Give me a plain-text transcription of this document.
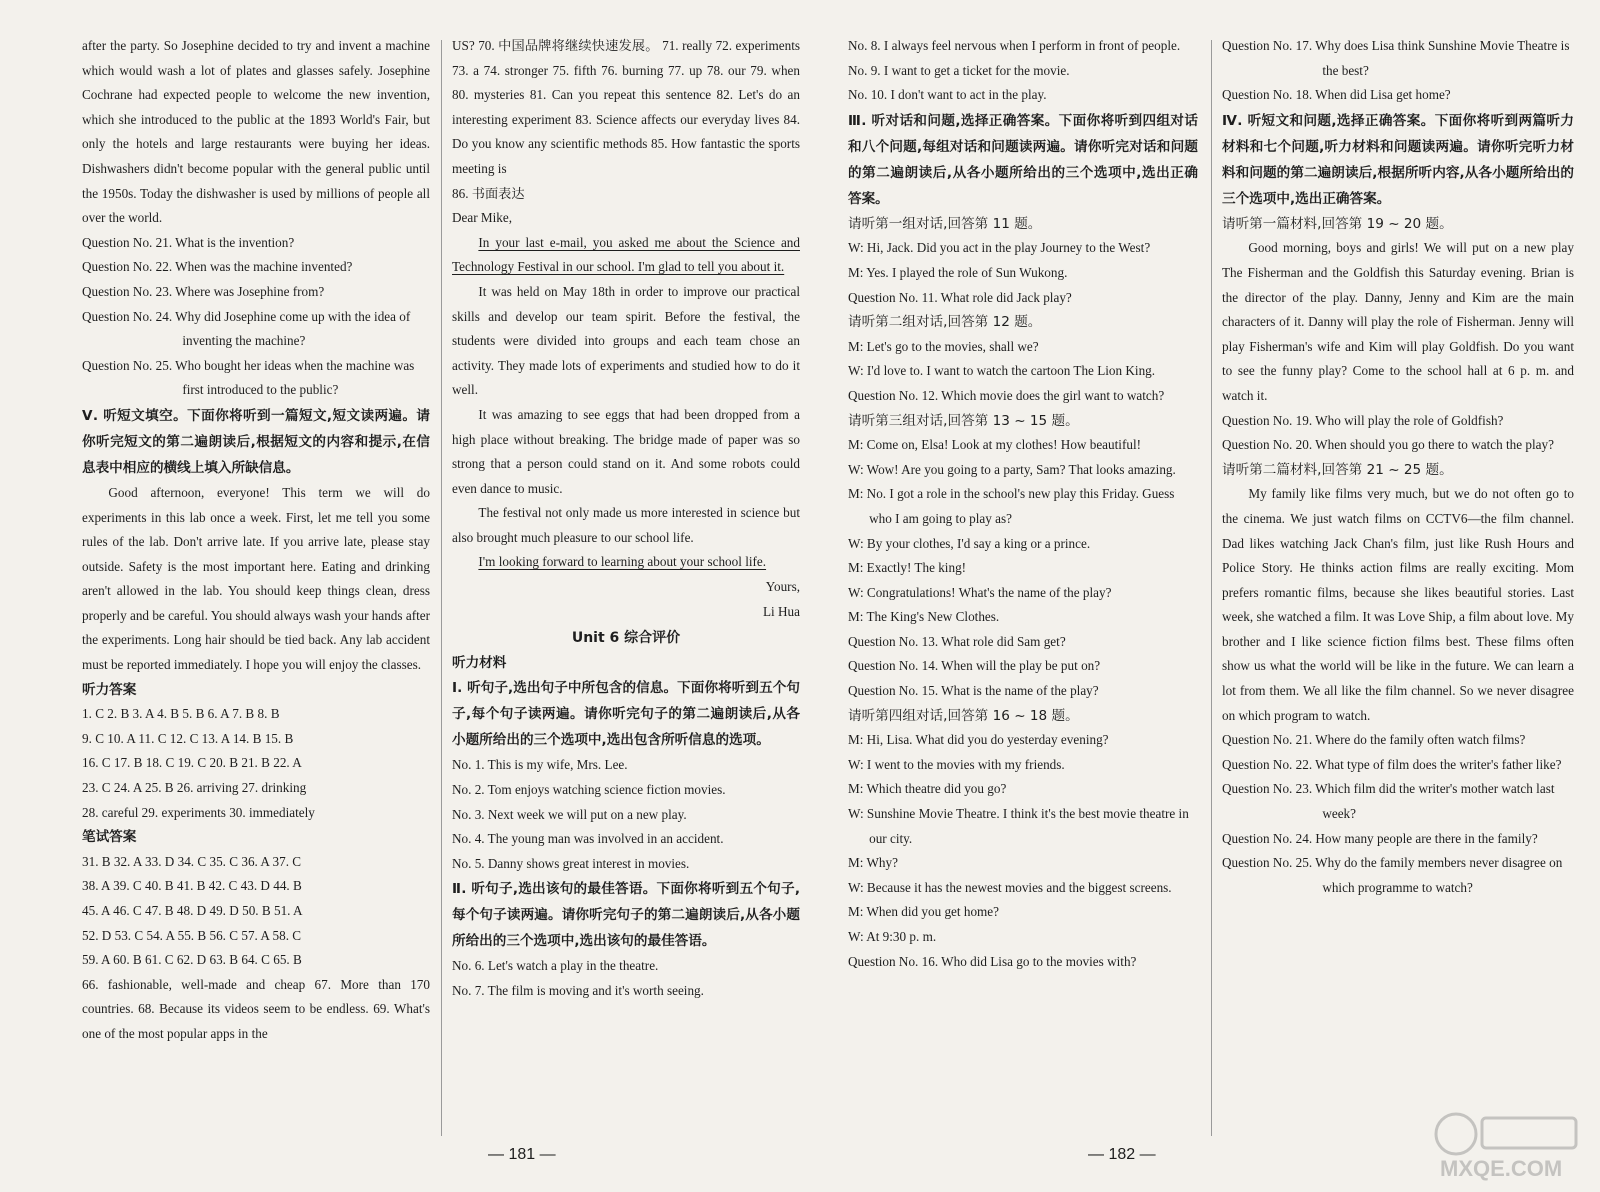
after the party. So Josephine decided to try and invent a machine which would wash a lot of plates and glasses safely. Josephine Cochrane had expected people to welcome the new invention, which she introduced to the public at the 1893 World's Fair, but only the hotels and large restaurants were buying her ideas. Dishwashers didn't become popular with the general public until the 1950s. Today the dishwasher is used by millions of people all over the world.

Question No. 21. What is the invention?

Question No. 22. When was the machine invented?

Question No. 23. Where was Josephine from?

Question No. 24. Why did Josephine come up with the idea of inventing the machine?

Question No. 25. Who bought her ideas when the machine was first introduced to the public?

Ⅴ. 听短文填空。下面你将听到一篇短文,短文读两遍。请你听完短文的第二遍朗读后,根据短文的内容和提示,在信息表中相应的横线上填入所缺信息。

Good afternoon, everyone! This term we will do experiments in this lab once a week. First, let me tell you some rules of the lab. Don't arrive late. If you arrive late, please stay outside. Safety is the most important here. Eating and drinking aren't allowed in the lab. You should keep things clean, dress properly and be careful. You should always wash your hands after the experiments. Long hair should be tied back. Any lab accident must be reported immediately. I hope you will enjoy the classes.

听力答案

1. C 2. B 3. A 4. B 5. B 6. A 7. B 8. B

9. C 10. A 11. C 12. C 13. A 14. B 15. B

16. C 17. B 18. C 19. C 20. B 21. B 22. A

23. C 24. A 25. B 26. arriving 27. drinking

28. careful 29. experiments 30. immediately

笔试答案

31. B 32. A 33. D 34. C 35. C 36. A 37. C

38. A 39. C 40. B 41. B 42. C 43. D 44. B

45. A 46. C 47. B 48. D 49. D 50. B 51. A

52. D 53. C 54. A 55. B 56. C 57. A 58. C

59. A 60. B 61. C 62. D 63. B 64. C 65. B

66. fashionable, well-made and cheap 67. More than 170 countries. 68. Because its videos seem to be endless. 69. What's one of the most popular apps in the

US? 70. 中国品牌将继续快速发展。 71. really 72. experiments 73. a 74. stronger 75. fifth 76. burning 77. up 78. our 79. when 80. mysteries 81. Can you repeat this sentence 82. Let's do an interesting experiment 83. Science affects our everyday lives 84. Do you know any scientific methods 85. How fantastic the sports meeting is

86. 书面表达

Dear Mike,

In your last e-mail, you asked me about the Science and Technology Festival in our school. I'm glad to tell you about it.

It was held on May 18th in order to improve our practical skills and develop our team spirit. Before the festival, the students were divided into groups and each team chose an activity. They made lots of experiments and studied how to do it well.

It was amazing to see eggs that had been dropped from a high place without breaking. The bridge made of paper was so strong that a person could stand on it. And some robots could even dance to music.

The festival not only made us more interested in science but also brought much pleasure to our school life.

I'm looking forward to learning about your school life.

Yours,

Li Hua

Unit 6 综合评价

听力材料

Ⅰ. 听句子,选出句子中所包含的信息。下面你将听到五个句子,每个句子读两遍。请你听完句子的第二遍朗读后,从各小题所给出的三个选项中,选出包含所听信息的选项。

No. 1. This is my wife, Mrs. Lee.

No. 2. Tom enjoys watching science fiction movies.

No. 3. Next week we will put on a new play.

No. 4. The young man was involved in an accident.

No. 5. Danny shows great interest in movies.

Ⅱ. 听句子,选出该句的最佳答语。下面你将听到五个句子,每个句子读两遍。请你听完句子的第二遍朗读后,从各小题所给出的三个选项中,选出该句的最佳答语。

No. 6. Let's watch a play in the theatre.

No. 7. The film is moving and it's worth seeing.

No. 8. I always feel nervous when I perform in front of people.

No. 9. I want to get a ticket for the movie.

No. 10. I don't want to act in the play.

Ⅲ. 听对话和问题,选择正确答案。下面你将听到四组对话和八个问题,每组对话和问题读两遍。请你听完对话和问题的第二遍朗读后,从各小题所给出的三个选项中,选出正确答案。

请听第一组对话,回答第 11 题。

W: Hi, Jack. Did you act in the play Journey to the West?

M: Yes. I played the role of Sun Wukong.

Question No. 11. What role did Jack play?

请听第二组对话,回答第 12 题。

M: Let's go to the movies, shall we?

W: I'd love to. I want to watch the cartoon The Lion King.

Question No. 12. Which movie does the girl want to watch?

请听第三组对话,回答第 13 ~ 15 题。

M: Come on, Elsa! Look at my clothes! How beautiful!

W: Wow! Are you going to a party, Sam? That looks amazing.

M: No. I got a role in the school's new play this Friday. Guess who I am going to play as?

W: By your clothes, I'd say a king or a prince.

M: Exactly! The king!

W: Congratulations! What's the name of the play?

M: The King's New Clothes.

Question No. 13. What role did Sam get?

Question No. 14. When will the play be put on?

Question No. 15. What is the name of the play?

请听第四组对话,回答第 16 ~ 18 题。

M: Hi, Lisa. What did you do yesterday evening?

W: I went to the movies with my friends.

M: Which theatre did you go?

W: Sunshine Movie Theatre. I think it's the best movie theatre in our city.

M: Why?

W: Because it has the newest movies and the biggest screens.

M: When did you get home?

W: At 9:30 p. m.

Question No. 16. Who did Lisa go to the movies with?

Question No. 17. Why does Lisa think Sunshine Movie Theatre is the best?

Question No. 18. When did Lisa get home?

Ⅳ. 听短文和问题,选择正确答案。下面你将听到两篇听力材料和七个问题,听力材料和问题读两遍。请你听完听力材料和问题的第二遍朗读后,根据所听内容,从各小题所给出的三个选项中,选出正确答案。

请听第一篇材料,回答第 19 ~ 20 题。

Good morning, boys and girls! We will put on a new play The Fisherman and the Goldfish this Saturday evening. Brian is the director of the play. Danny, Jenny and Kim are the main characters of it. Danny will play the role of Fisherman. Jenny will play Fisherman's wife and Kim will play Goldfish. Do you want to see the funny play? Come to the school hall at 6 p. m. and watch it.

Question No. 19. Who will play the role of Goldfish?

Question No. 20. When should you go there to watch the play?

请听第二篇材料,回答第 21 ~ 25 题。

My family like films very much, but we do not often go to the cinema. We just watch films on CCTV6—the film channel. Dad likes watching Jack Chan's film, just like Rush Hours and Police Story. He thinks action films are really exciting. Mom prefers romantic films, because she likes beautiful stories. Last week, she watched a film. It was Love Ship, a film about love. My brother and I like science fiction films best. These films often show us what the world will be like in the future. We can learn a lot from them. We all like the film channel. So we never disagree on which program to watch.

Question No. 21. Where do the family often watch films?

Question No. 22. What type of film does the writer's father like?

Question No. 23. Which film did the writer's mother watch last week?

Question No. 24. How many people are there in the family?

Question No. 25. Why do the family members never disagree on which programme to watch?

— 181 —	— 182 —
MXQE.COM
